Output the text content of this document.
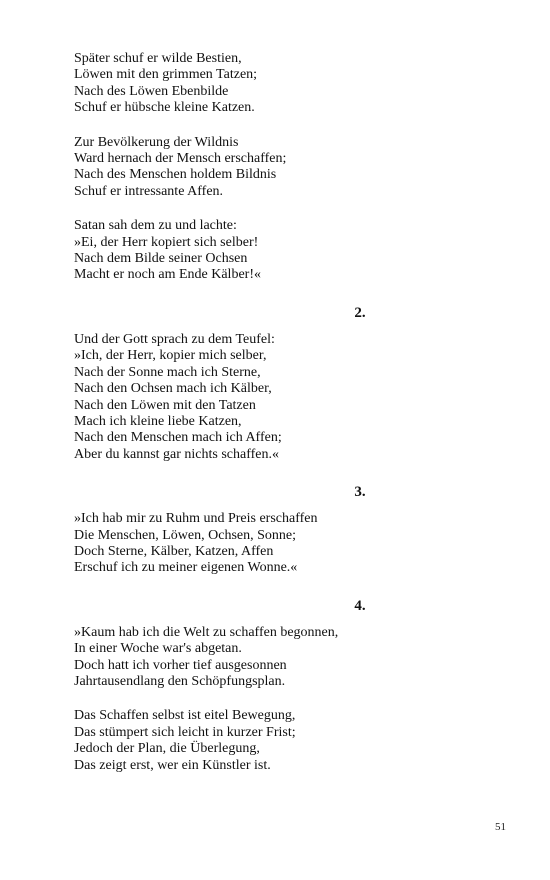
Später schuf er wilde Bestien,
Löwen mit den grimmen Tatzen;
Nach des Löwen Ebenbilde
Schuf er hübsche kleine Katzen.
Zur Bevölkerung der Wildnis
Ward hernach der Mensch erschaffen;
Nach des Menschen holdem Bildnis
Schuf er intressante Affen.
Satan sah dem zu und lachte:
»Ei, der Herr kopiert sich selber!
Nach dem Bilde seiner Ochsen
Macht er noch am Ende Kälber!«
2.
Und der Gott sprach zu dem Teufel:
»Ich, der Herr, kopier mich selber,
Nach der Sonne mach ich Sterne,
Nach den Ochsen mach ich Kälber,
Nach den Löwen mit den Tatzen
Mach ich kleine liebe Katzen,
Nach den Menschen mach ich Affen;
Aber du kannst gar nichts schaffen.«
3.
»Ich hab mir zu Ruhm und Preis erschaffen
Die Menschen, Löwen, Ochsen, Sonne;
Doch Sterne, Kälber, Katzen, Affen
Erschuf ich zu meiner eigenen Wonne.«
4.
»Kaum hab ich die Welt zu schaffen begonnen,
In einer Woche war's abgetan.
Doch hatt ich vorher tief ausgesonnen
Jahrtausendlang den Schöpfungsplan.
Das Schaffen selbst ist eitel Bewegung,
Das stümpert sich leicht in kurzer Frist;
Jedoch der Plan, die Überlegung,
Das zeigt erst, wer ein Künstler ist.
51
